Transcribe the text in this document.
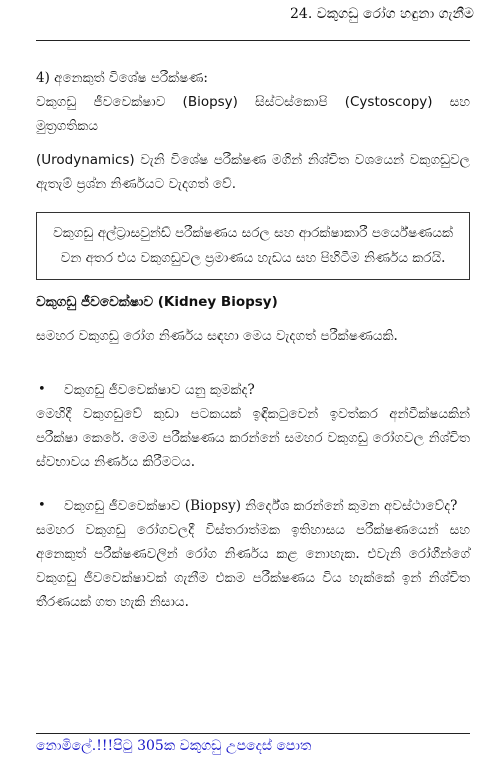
24. වකුගඩු රෝග හඳුනා ගැනීම

4) අනෙකුත් විශේෂ පරීක්ෂණ:

වකුගඩු ජීවවෙක්ෂාව (Biopsy) සිස්ටස්කොපි (Cystoscopy) සහ මුත්‍රගතිකය

(Urodynamics) වැනි විශේෂ පරීක්ෂණ මගින් නිශ්චිත වශයෙන් වකුගඩුවල ඇතැම් ප්‍රශ්න නිර්ණයට වැදගත් වේ.

වකුගඩු අල්ට්‍රාසවුන්ඩ් පරීක්ෂණය සරල සහ ආරක්ෂාකාරී පර්යේෂණයක් වන අතර එය වකුගඩුවල ප්‍රමාණය හැඩය සහ පිහිටීම නිර්ණය කරයි.

වකුගඩු ජීවවෙක්ෂාව (Kidney Biopsy)

සමහර වකුගඩු රෝග නිර්ණය සඳහා මෙය වැදගත් පරීක්ෂණයකි.

•	වකුගඩු ජීවවෙක්ෂාව යනු කුමක්ද?

මෙහිදී වකුගඩුවේ කුඩා පටකයක් ඉඳිකටුවෙන් ඉවත්කර අන්වීක්ෂයකින් පරීක්ෂා කෙරේ. මෙම පරීක්ෂණය කරන්නේ සමහර වකුගඩු රෝගවල නිශ්චිත ස්වභාවය නිර්ණය කිරීමටය.

•	වකුගඩු ජීවවෙක්ෂාව (Biopsy) නිර්දේශ කරන්නේ කුමන අවස්ථාවේද?

සමහර වකුගඩු රෝගවලදී විස්තරාත්මක ඉතිහාසය පරීක්ෂණයෙන් සහ අනෙකුත් පරීක්ෂණවලින් රෝග නිර්ණය කළ නොහැක. එවැනි රෝගීන්ගේ වකුගඩු ජීවවෙක්ෂාවක් ගැනීම එකම පරීක්ෂණය විය හැක්කේ ඉන් නිශ්චිත තීරණයක් ගත හැකි නිසාය.

නොමිලේ.!!!පිටු 305ක වකුගඩු උපදෙස් පොත
